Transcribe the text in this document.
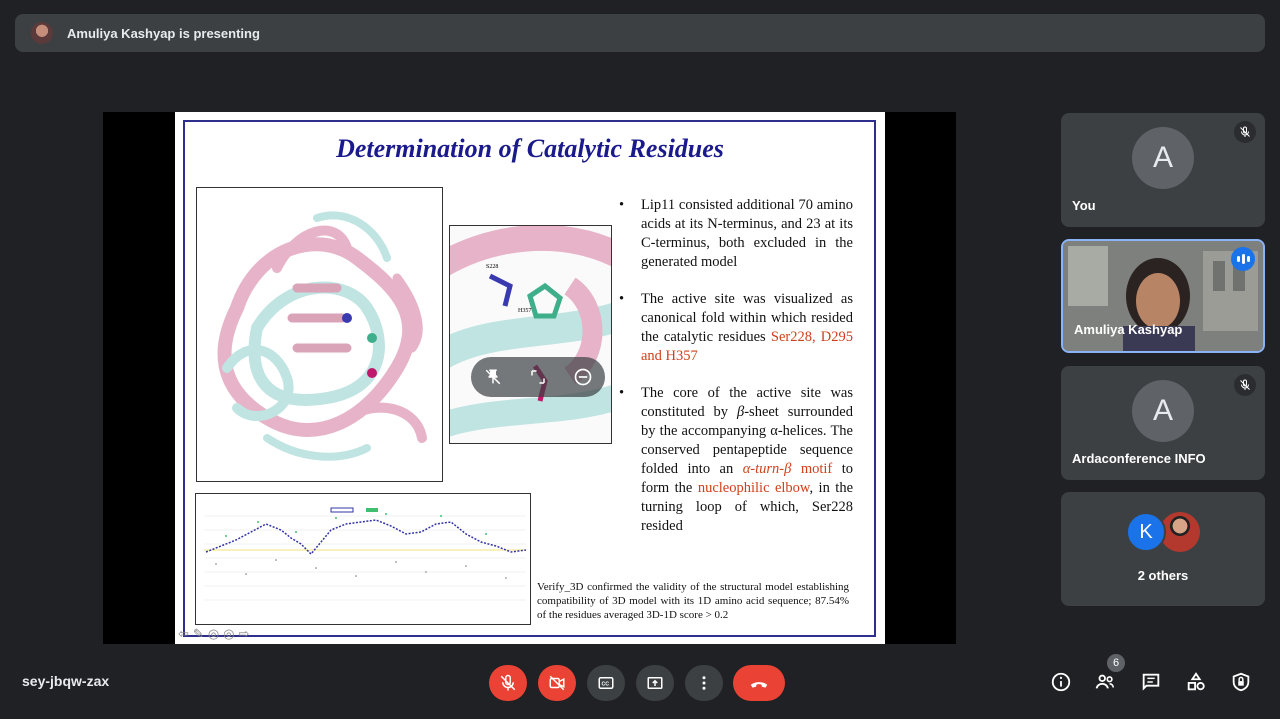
Amuliya Kashyap is presenting
Determination of Catalytic Residues
S228
H357
• Lip11 consisted additional 70 amino acids at its N-terminus, and 23 at its C-terminus, both excluded in the generated model
• The active site was visualized as canonical fold within which resided the catalytic residues Ser228, D295 and H357
• The core of the active site was constituted by β-sheet surrounded by the accompanying α-helices. The conserved pentapeptide sequence folded into an α-turn-β motif to form the nucleophilic elbow, in the turning loop of which, Ser228 resided
Verify_3D confirmed the validity of the structural model establishing compatibility of 3D model with its 1D amino acid sequence; 87.54% of the residues averaged 3D-1D score > 0.2
⇦ ✎ ◎ ◎ ⇨
A
You
Amuliya Kashyap
A
Ardaconference INFO
K
2 others
sey-jbqw-zax	CC
6
